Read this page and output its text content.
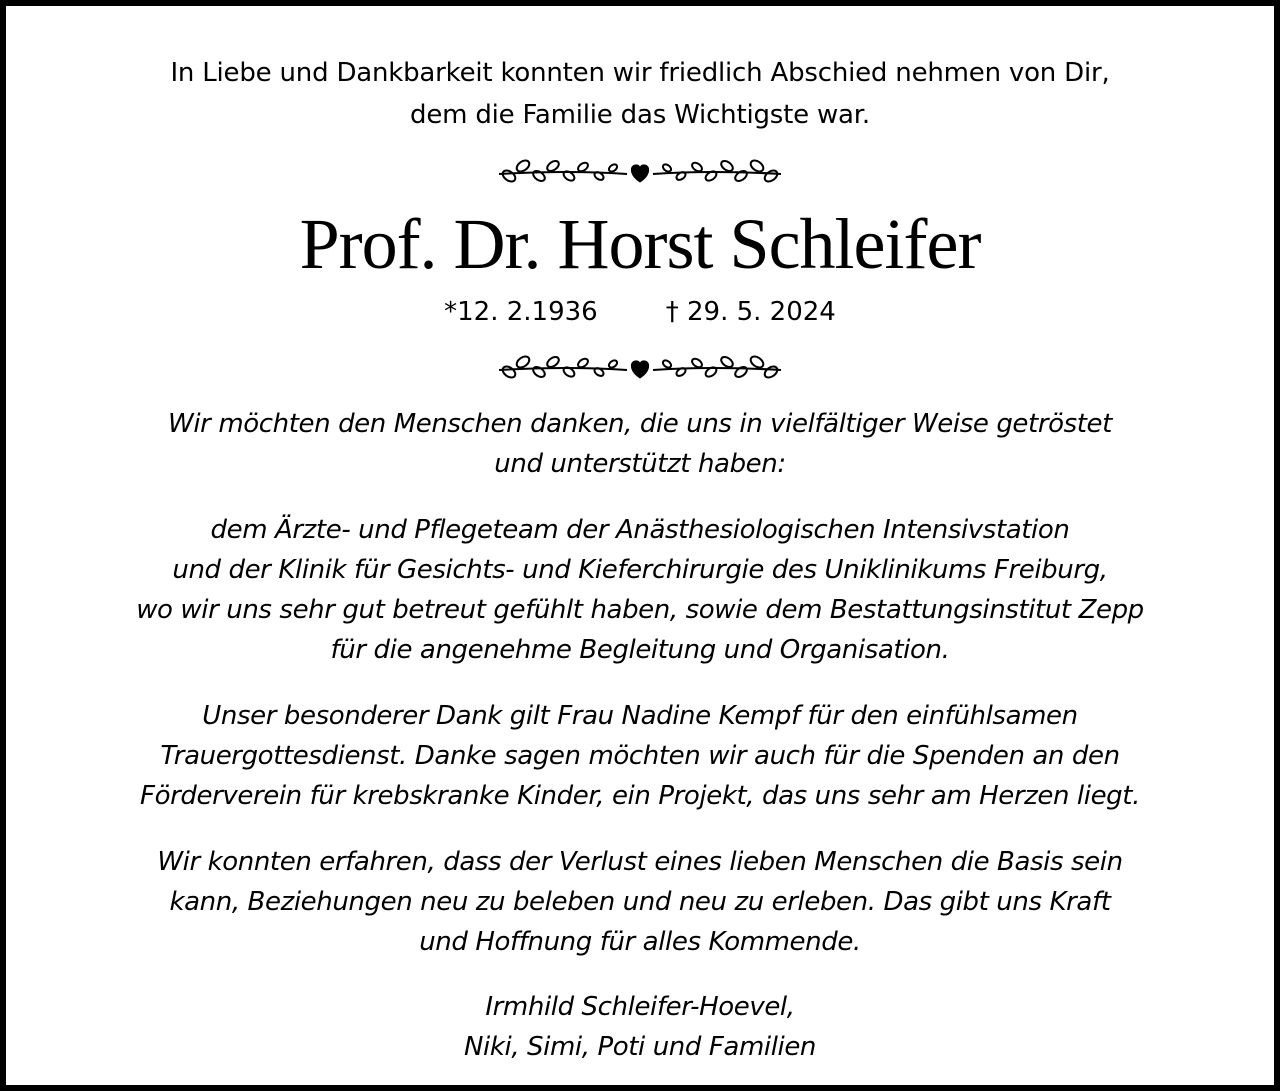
In Liebe und Dankbarkeit konnten wir friedlich Abschied nehmen von Dir,
dem die Familie das Wichtigste war.
Prof. Dr. Horst Schleifer
*12. 2.1936	† 29. 5. 2024
Wir möchten den Menschen danken, die uns in vielfältiger Weise getröstet
und unterstützt haben:
dem Ärzte- und Pflegeteam der Anästhesiologischen Intensivstation
und der Klinik für Gesichts- und Kieferchirurgie des Uniklinikums Freiburg,
wo wir uns sehr gut betreut gefühlt haben, sowie dem Bestattungsinstitut Zepp
für die angenehme Begleitung und Organisation.
Unser besonderer Dank gilt Frau Nadine Kempf für den einfühlsamen
Trauergottesdienst. Danke sagen möchten wir auch für die Spenden an den
Förderverein für krebskranke Kinder, ein Projekt, das uns sehr am Herzen liegt.
Wir konnten erfahren, dass der Verlust eines lieben Menschen die Basis sein
kann, Beziehungen neu zu beleben und neu zu erleben. Das gibt uns Kraft
und Hoffnung für alles Kommende.
Irmhild Schleifer-Hoevel,
Niki, Simi, Poti und Familien
